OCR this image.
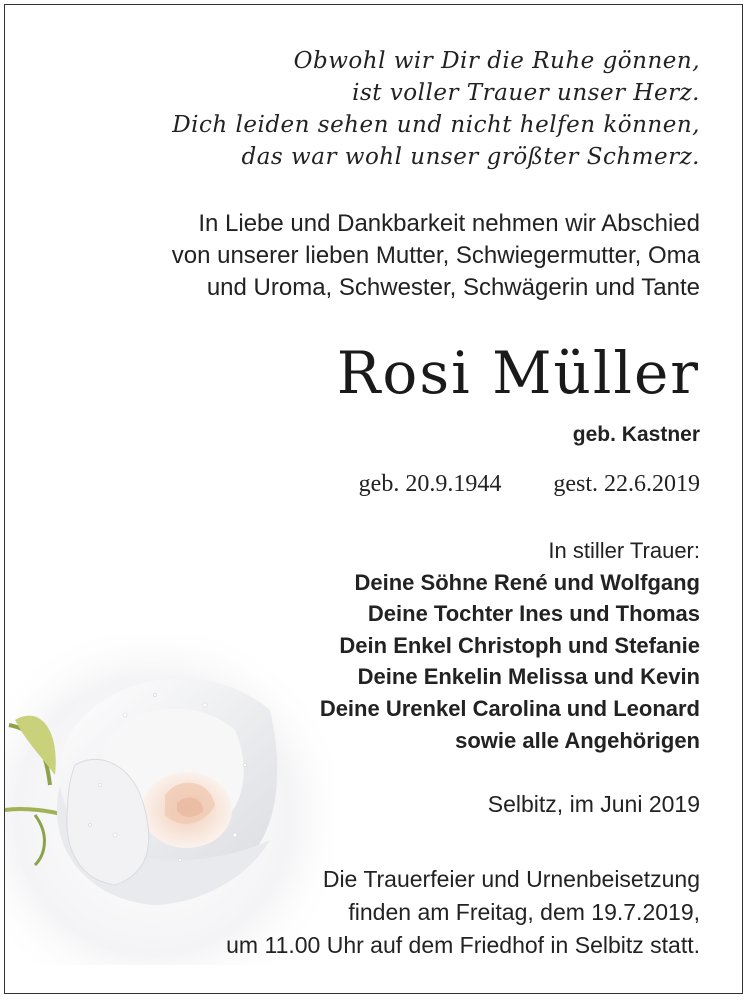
Obwohl wir Dir die Ruhe gönnen,
ist voller Trauer unser Herz.
Dich leiden sehen und nicht helfen können,
das war wohl unser größter Schmerz.
In Liebe und Dankbarkeit nehmen wir Abschied
von unserer lieben Mutter, Schwiegermutter, Oma
und Uroma, Schwester, Schwägerin und Tante
Rosi Müller
geb. Kastner
geb. 20.9.1944 gest. 22.6.2019
In stiller Trauer:
Deine Söhne René und Wolfgang
Deine Tochter Ines und Thomas
Dein Enkel Christoph und Stefanie
Deine Enkelin Melissa und Kevin
Deine Urenkel Carolina und Leonard
sowie alle Angehörigen
Selbitz, im Juni 2019
Die Trauerfeier und Urnenbeisetzung
finden am Freitag, dem 19.7.2019,
um 11.00 Uhr auf dem Friedhof in Selbitz statt.
